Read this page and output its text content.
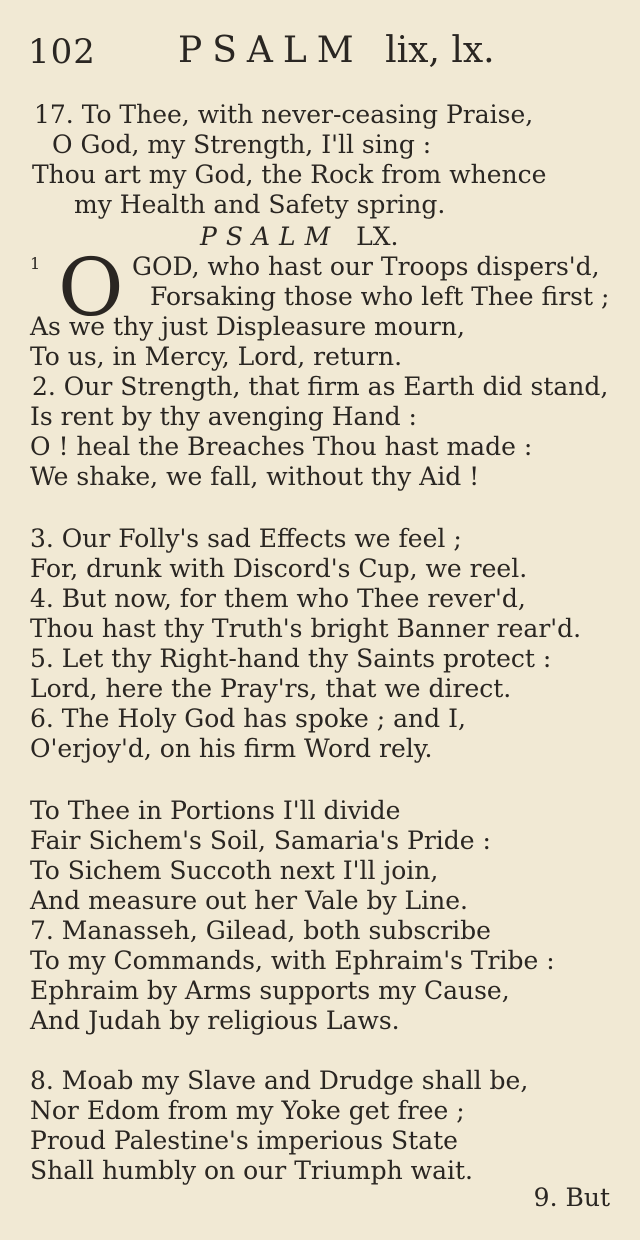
102 PSALM lix, lx.
17. To Thee, with never-ceasing Praise,
O God, my Strength, I'll sing :
Thou art my God, the Rock from whence
my Health and Safety spring.
PSALM LX.
1 O GOD, who hast our Troops dispers'd,
Forsaking those who left Thee first ;
As we thy just Displeasure mourn,
To us, in Mercy, Lord, return.
2. Our Strength, that firm as Earth did stand,
Is rent by thy avenging Hand :
O ! heal the Breaches Thou hast made :
We shake, we fall, without thy Aid !
3. Our Folly's sad Effects we feel ;
For, drunk with Discord's Cup, we reel.
4. But now, for them who Thee rever'd,
Thou hast thy Truth's bright Banner rear'd.
5. Let thy Right-hand thy Saints protect :
Lord, here the Pray'rs, that we direct.
6. The Holy God has spoke ; and I,
O'erjoy'd, on his firm Word rely.
To Thee in Portions I'll divide
Fair Sichem's Soil, Samaria's Pride :
To Sichem Succoth next I'll join,
And measure out her Vale by Line.
7. Manasseh, Gilead, both subscribe
To my Commands, with Ephraim's Tribe :
Ephraim by Arms supports my Cause,
And Judah by religious Laws.
8. Moab my Slave and Drudge shall be,
Nor Edom from my Yoke get free ;
Proud Palestine's imperious State
Shall humbly on our Triumph wait.
9. But
